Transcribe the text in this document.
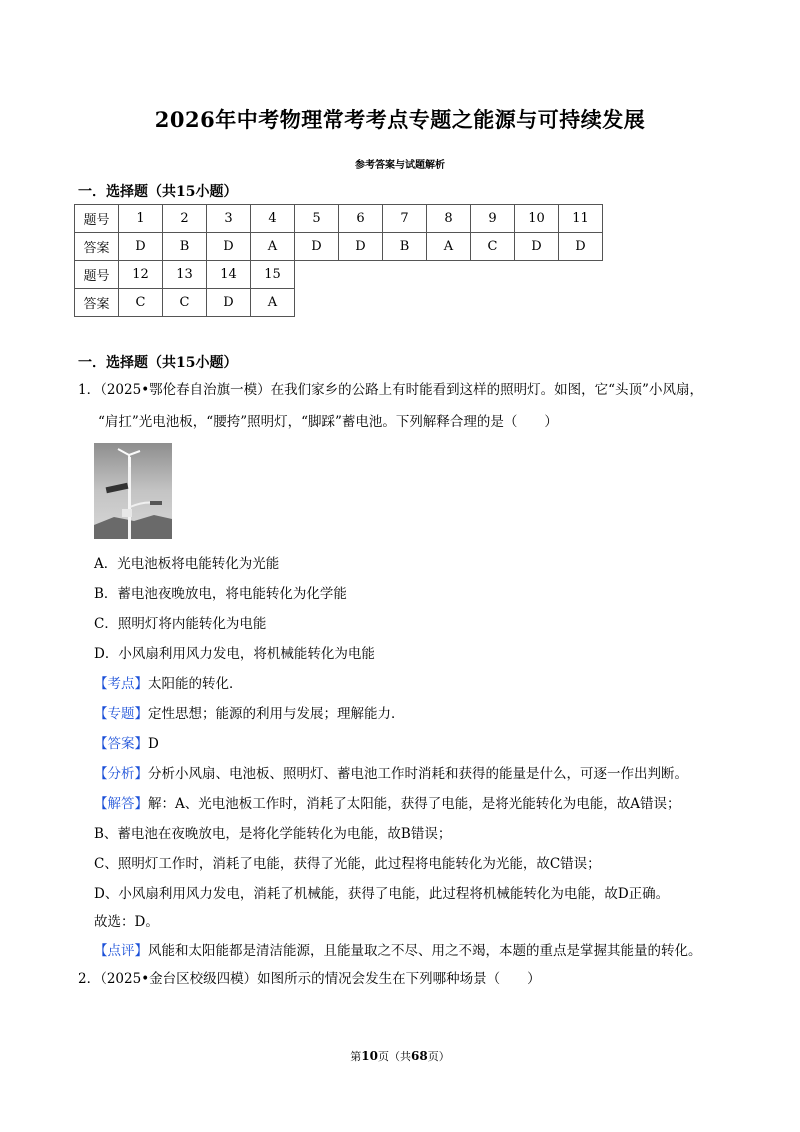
2026年中考物理常考考点专题之能源与可持续发展
参考答案与试题解析
一．选择题（共15小题）
题号	1	2	3	4	5	6	7	8	9	10	11
答案	D	B	D	A	D	D	B	A	C	D	D
题号	12	13	14	15							
答案	C	C	D	A							
一．选择题（共15小题）
1．（2025•鄂伦春自治旗一模）在我们家乡的公路上有时能看到这样的照明灯。如图，它“头顶”小风扇，
“肩扛”光电池板，“腰挎”照明灯，“脚踩”蓄电池。下列解释合理的是（　　）
A．光电池板将电能转化为光能
B．蓄电池夜晚放电，将电能转化为化学能
C．照明灯将内能转化为电能
D．小风扇利用风力发电，将机械能转化为电能
【考点】太阳能的转化．
【专题】定性思想；能源的利用与发展；理解能力．
【答案】D
【分析】分析小风扇、电池板、照明灯、蓄电池工作时消耗和获得的能量是什么，可逐一作出判断。
【解答】解：A、光电池板工作时，消耗了太阳能，获得了电能，是将光能转化为电能，故A错误；
B、蓄电池在夜晚放电，是将化学能转化为电能，故B错误；
C、照明灯工作时，消耗了电能，获得了光能，此过程将电能转化为光能，故C错误；
D、小风扇利用风力发电，消耗了机械能，获得了电能，此过程将机械能转化为电能，故D正确。
故选：D。
【点评】风能和太阳能都是清洁能源，且能量取之不尽、用之不竭，本题的重点是掌握其能量的转化。
2．（2025•金台区校级四模）如图所示的情况会发生在下列哪种场景（　　）
第10页（共68页）
